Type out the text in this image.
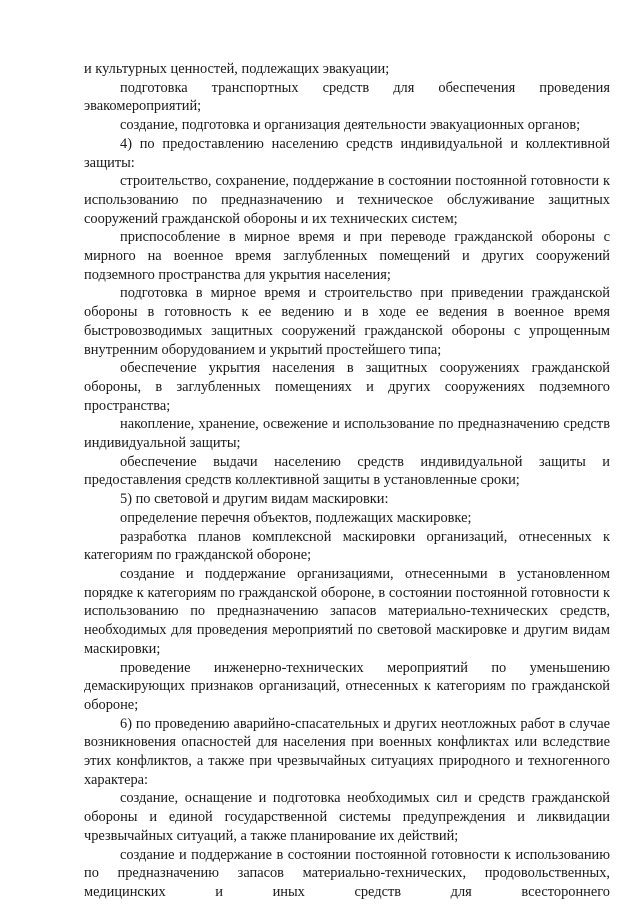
и культурных ценностей, подлежащих эвакуации;

подготовка транспортных средств для обеспечения проведения эвакомероприятий;

создание, подготовка и организация деятельности эвакуационных органов;

4) по предоставлению населению средств индивидуальной и коллективной защиты:

строительство, сохранение, поддержание в состоянии постоянной готовности к использованию по предназначению и техническое обслуживание защитных сооружений гражданской обороны и их технических систем;

приспособление в мирное время и при переводе гражданской обороны с мирного на военное время заглубленных помещений и других сооружений подземного пространства для укрытия населения;

подготовка в мирное время и строительство при приведении гражданской обороны в готовность к ее ведению и в ходе ее ведения в военное время быстровозводимых защитных сооружений гражданской обороны с упрощенным внутренним оборудованием и укрытий простейшего типа;

обеспечение укрытия населения в защитных сооружениях гражданской обороны, в заглубленных помещениях и других сооружениях подземного пространства;

накопление, хранение, освежение и использование по предназначению средств индивидуальной защиты;

обеспечение выдачи населению средств индивидуальной защиты и предоставления средств коллективной защиты в установленные сроки;

5) по световой и другим видам маскировки:

определение перечня объектов, подлежащих маскировке;

разработка планов комплексной маскировки организаций, отнесенных к категориям по гражданской обороне;

создание и поддержание организациями, отнесенными в установленном порядке к категориям по гражданской обороне, в состоянии постоянной готовности к использованию по предназначению запасов материально-технических средств, необходимых для проведения мероприятий по световой маскировке и другим видам маскировки;

проведение инженерно-технических мероприятий по уменьшению демаскирующих признаков организаций, отнесенных к категориям по гражданской обороне;

6) по проведению аварийно-спасательных и других неотложных работ в случае возникновения опасностей для населения при военных конфликтах или вследствие этих конфликтов, а также при чрезвычайных ситуациях природного и техногенного характера:

создание, оснащение и подготовка необходимых сил и средств гражданской обороны и единой государственной системы предупреждения и ликвидации чрезвычайных ситуаций, а также планирование их действий;

создание и поддержание в состоянии постоянной готовности к использованию по предназначению запасов материально-технических, продовольственных, медицинских и иных средств для всестороннего
